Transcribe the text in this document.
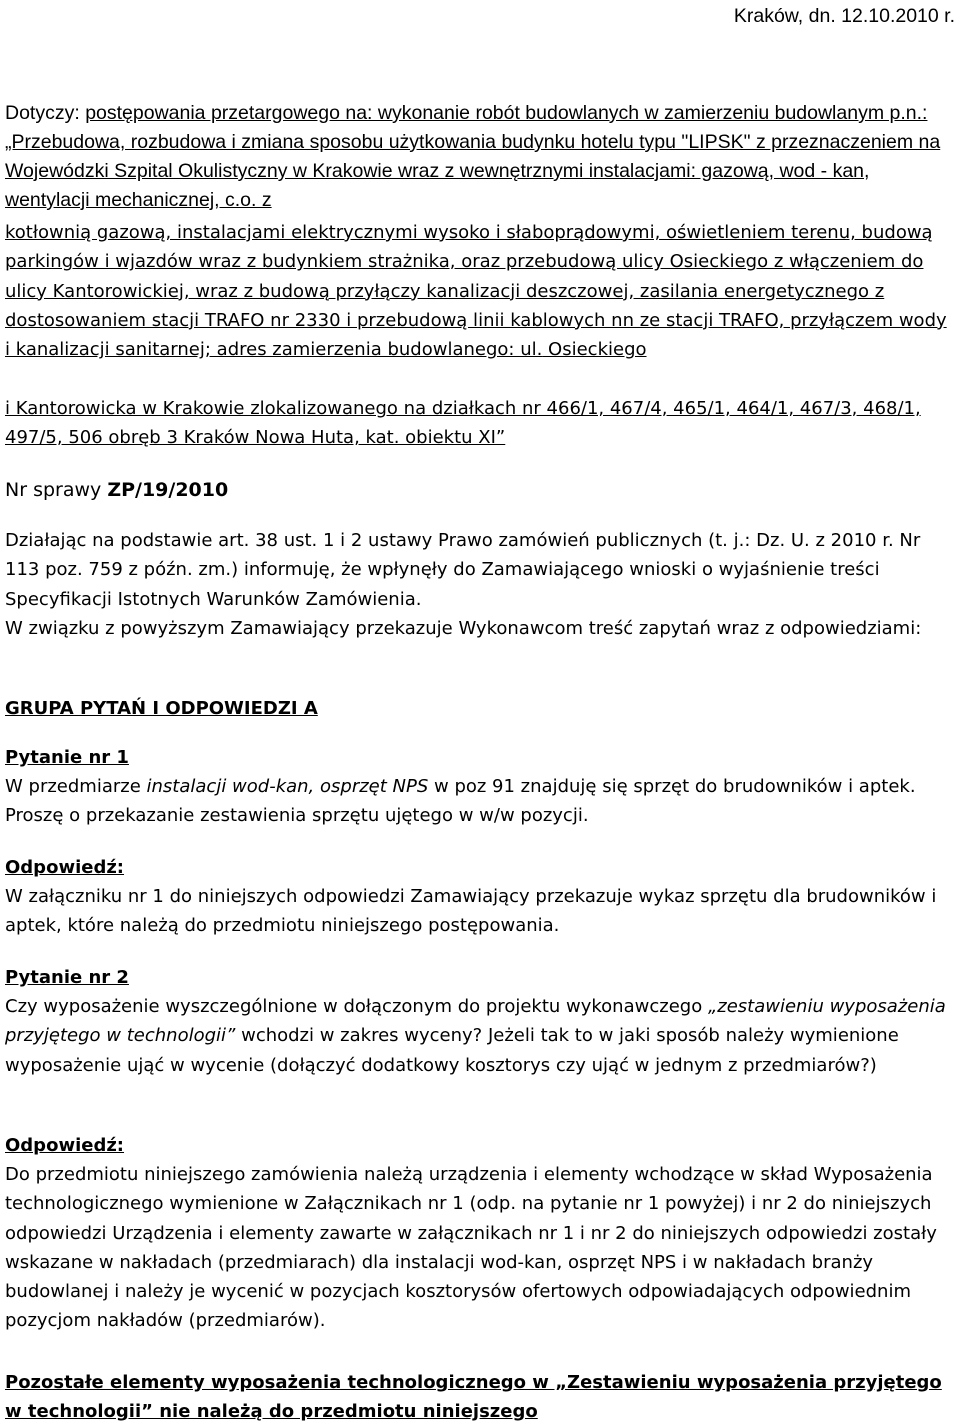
Kraków, dn. 12.10.2010 r.

Dotyczy: postępowania przetargowego na: wykonanie robót budowlanych w zamierzeniu budowlanym p.n.: „Przebudowa, rozbudowa i zmiana sposobu użytkowania budynku hotelu typu "LIPSK" z przeznaczeniem na Wojewódzki Szpital Okulistyczny w Krakowie wraz z wewnętrznymi instalacjami: gazową, wod - kan, wentylacji mechanicznej, c.o. z

kotłownią gazową, instalacjami elektrycznymi wysoko i słaboprądowymi, oświetleniem terenu, budową parkingów i wjazdów wraz z budynkiem strażnika, oraz przebudową ulicy Osieckiego z włączeniem do ulicy Kantorowickiej, wraz z budową przyłączy kanalizacji deszczowej, zasilania energetycznego z dostosowaniem stacji TRAFO nr 2330 i przebudową linii kablowych nn ze stacji TRAFO, przyłączem wody i kanalizacji sanitarnej; adres zamierzenia budowlanego: ul. Osieckiego

i Kantorowicka w Krakowie zlokalizowanego na działkach nr 466/1, 467/4, 465/1, 464/1, 467/3, 468/1, 497/5, 506 obręb 3 Kraków Nowa Huta, kat. obiektu XI”

Nr sprawy ZP/19/2010

Działając na podstawie art. 38 ust. 1 i 2 ustawy Prawo zamówień publicznych (t. j.: Dz. U. z 2010 r. Nr 113 poz. 759 z późn. zm.) informuję, że wpłynęły do Zamawiającego wnioski o wyjaśnienie treści Specyfikacji Istotnych Warunków Zamówienia.

W związku z powyższym Zamawiający przekazuje Wykonawcom treść zapytań wraz z odpowiedziami:

GRUPA PYTAŃ I ODPOWIEDZI A

Pytanie nr 1

W przedmiarze instalacji wod-kan, osprzęt NPS w poz 91 znajduję się sprzęt do brudowników i aptek. Proszę o przekazanie zestawienia sprzętu ujętego w w/w pozycji.

Odpowiedź:

W załączniku nr 1 do niniejszych odpowiedzi Zamawiający przekazuje wykaz sprzętu dla brudowników i aptek, które należą do przedmiotu niniejszego postępowania.

Pytanie nr 2

Czy wyposażenie wyszczególnione w dołączonym do projektu wykonawczego „zestawieniu wyposażenia przyjętego w technologii” wchodzi w zakres wyceny? Jeżeli tak to w jaki sposób należy wymienione wyposażenie ująć w wycenie (dołączyć dodatkowy kosztorys czy ująć w jednym z przedmiarów?)

Odpowiedź:

Do przedmiotu niniejszego zamówienia należą urządzenia i elementy wchodzące w skład Wyposażenia technologicznego wymienione w Załącznikach nr 1 (odp. na pytanie nr 1 powyżej) i nr 2 do niniejszych odpowiedzi Urządzenia i elementy zawarte w załącznikach nr 1 i nr 2 do niniejszych odpowiedzi zostały wskazane w nakładach (przedmiarach) dla instalacji wod-kan, osprzęt NPS i w nakładach branży budowlanej i należy je wycenić w pozycjach kosztorysów ofertowych odpowiadających odpowiednim pozycjom nakładów (przedmiarów).

Pozostałe elementy wyposażenia technologicznego w „Zestawieniu wyposażenia przyjętego w technologii” nie należą do przedmiotu niniejszego
